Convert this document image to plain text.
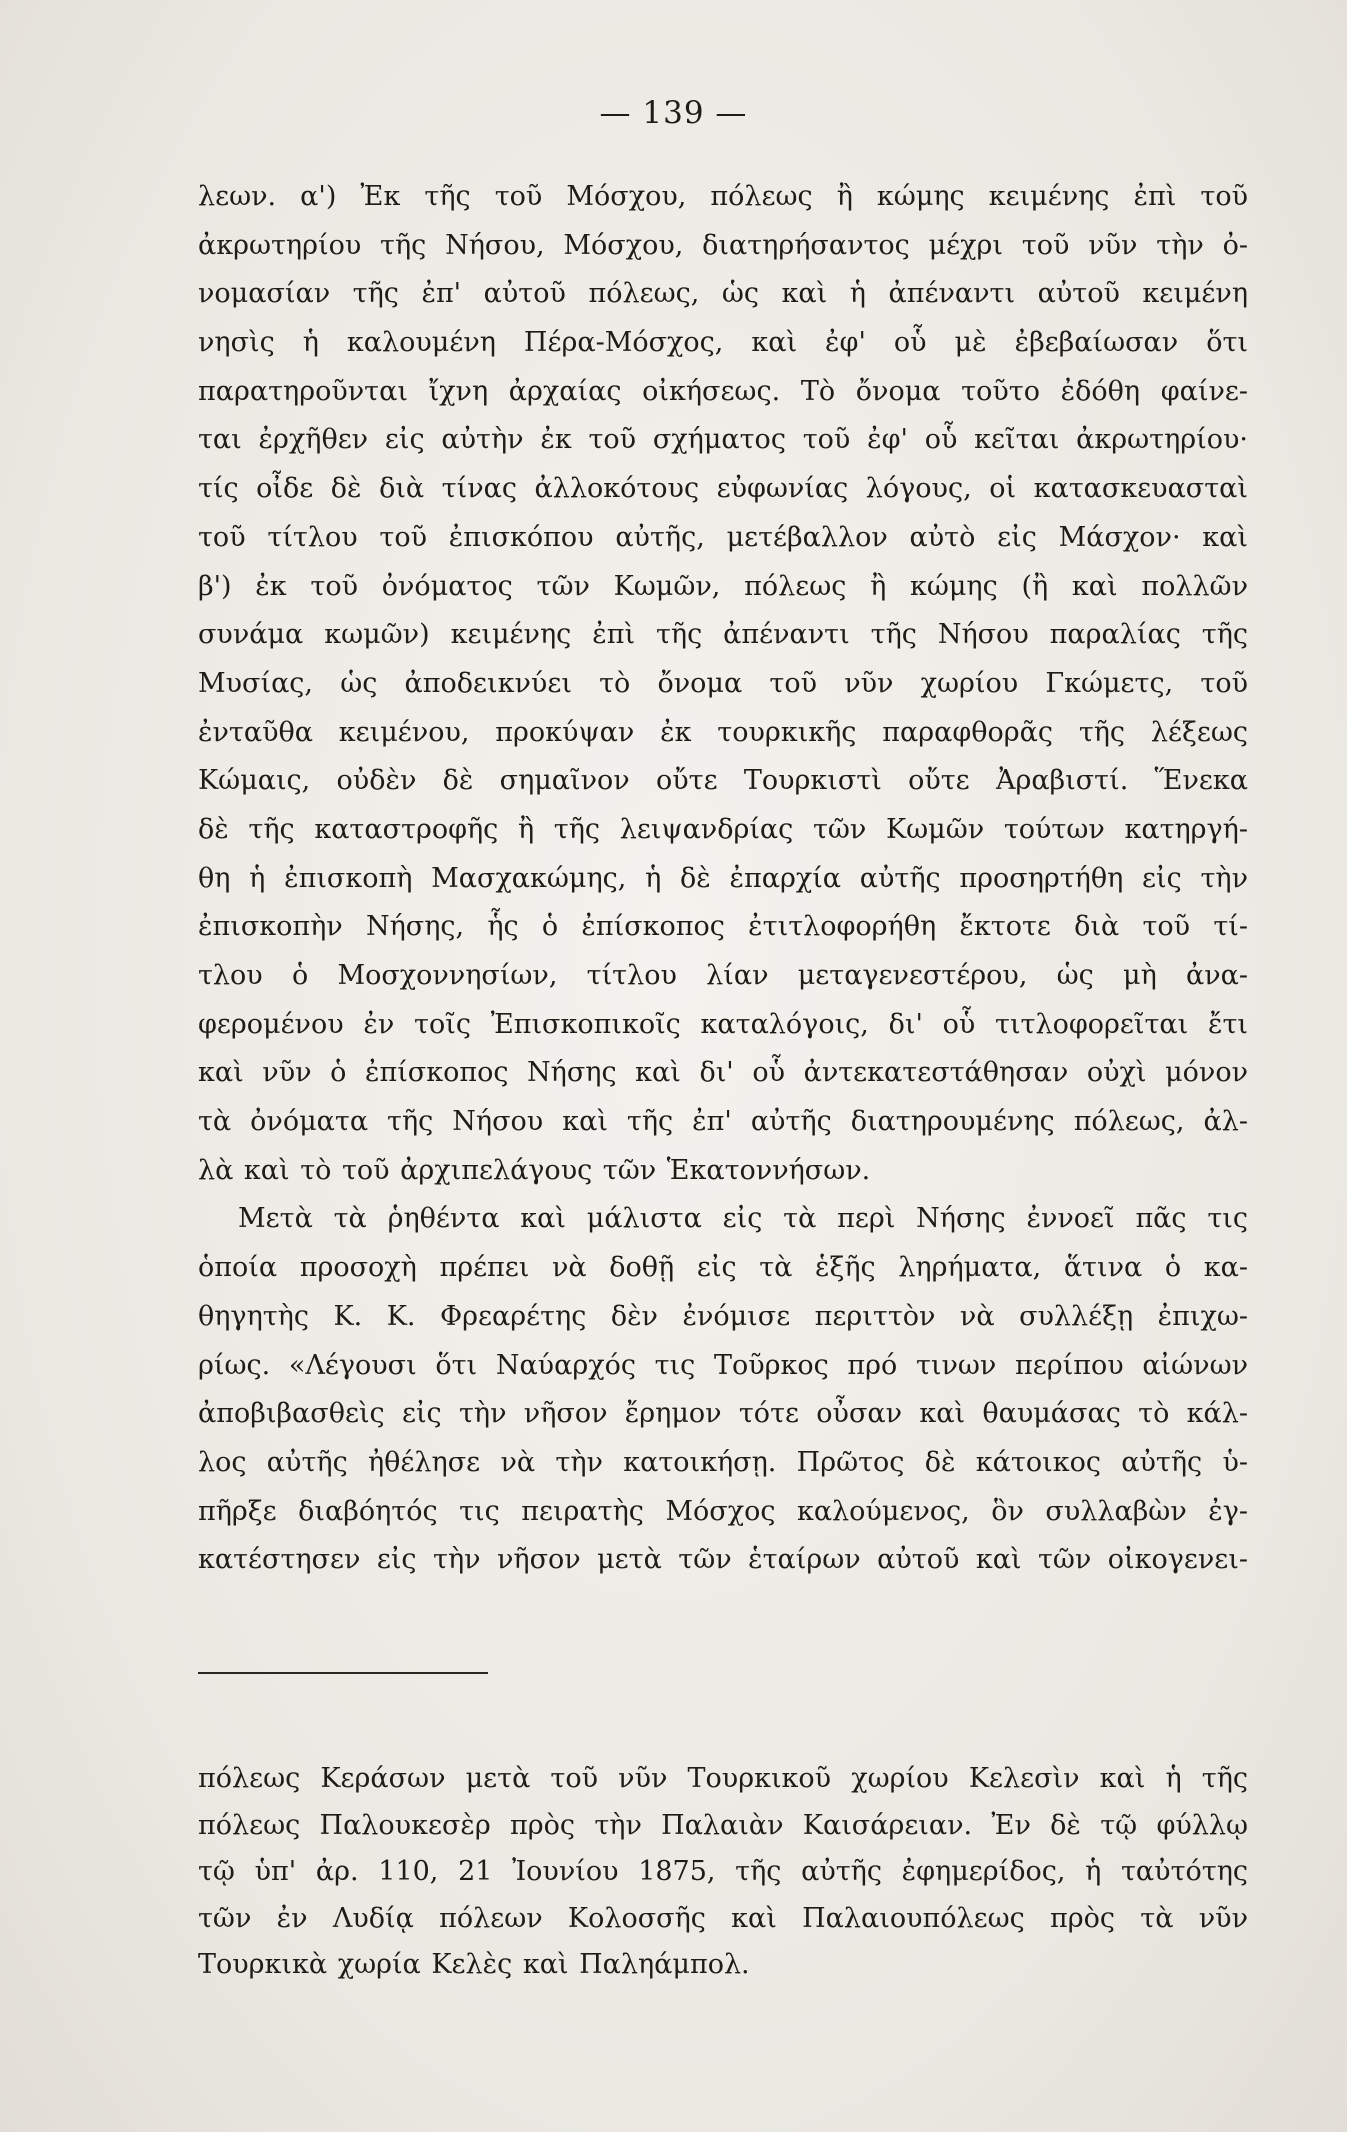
— 139 —
λεων. α') Ἐκ τῆς τοῦ Μόσχου, πόλεως ἢ κώμης κειμένης ἐπὶ τοῦ
ἀκρωτηρίου τῆς Νήσου, Μόσχου, διατηρήσαντος μέχρι τοῦ νῦν τὴν ὀ-
νομασίαν τῆς ἐπ' αὐτοῦ πόλεως, ὡς καὶ ἡ ἀπέναντι αὐτοῦ κειμένη
νησὶς ἡ καλουμένη Πέρα-Μόσχος, καὶ ἐφ' οὗ μὲ ἐβεβαίωσαν ὅτι
παρατηροῦνται ἴχνη ἀρχαίας οἰκήσεως. Τὸ ὄνομα τοῦτο ἐδόθη φαίνε-
ται ἐρχῆθεν εἰς αὐτὴν ἐκ τοῦ σχήματος τοῦ ἐφ' οὗ κεῖται ἀκρωτηρίου·
τίς οἶδε δὲ διὰ τίνας ἀλλοκότους εὐφωνίας λόγους, οἱ κατασκευασταὶ
τοῦ τίτλου τοῦ ἐπισκόπου αὐτῆς, μετέβαλλον αὐτὸ εἰς Μάσχον· καὶ
β') ἐκ τοῦ ὀνόματος τῶν Κωμῶν, πόλεως ἢ κώμης (ἢ καὶ πολλῶν
συνάμα κωμῶν) κειμένης ἐπὶ τῆς ἀπέναντι τῆς Νήσου παραλίας τῆς
Μυσίας, ὡς ἀποδεικνύει τὸ ὄνομα τοῦ νῦν χωρίου Γκώμετς, τοῦ
ἐνταῦθα κειμένου, προκύψαν ἐκ τουρκικῆς παραφθορᾶς τῆς λέξεως
Κώμαις, οὐδὲν δὲ σημαῖνον οὔτε Τουρκιστὶ οὔτε Ἀραβιστί. Ἕνεκα
δὲ τῆς καταστροφῆς ἢ τῆς λειψανδρίας τῶν Κωμῶν τούτων κατηργή-
θη ἡ ἐπισκοπὴ Μασχακώμης, ἡ δὲ ἐπαρχία αὐτῆς προσηρτήθη εἰς τὴν
ἐπισκοπὴν Νήσης, ἧς ὁ ἐπίσκοπος ἐτιτλοφορήθη ἔκτοτε διὰ τοῦ τί-
τλου ὁ Μοσχοννησίων, τίτλου λίαν μεταγενεστέρου, ὡς μὴ ἀνα-
φερομένου ἐν τοῖς Ἐπισκοπικοῖς καταλόγοις, δι' οὗ τιτλοφορεῖται ἔτι
καὶ νῦν ὁ ἐπίσκοπος Νήσης καὶ δι' οὗ ἀντεκατεστάθησαν οὐχὶ μόνον
τὰ ὀνόματα τῆς Νήσου καὶ τῆς ἐπ' αὐτῆς διατηρουμένης πόλεως, ἀλ-
λὰ καὶ τὸ τοῦ ἀρχιπελάγους τῶν Ἑκατοννήσων.
Μετὰ τὰ ῥηθέντα καὶ μάλιστα εἰς τὰ περὶ Νήσης ἐννοεῖ πᾶς τις
ὁποία προσοχὴ πρέπει νὰ δοθῇ εἰς τὰ ἑξῆς ληρήματα, ἅτινα ὁ κα-
θηγητὴς Κ. Κ. Φρεαρέτης δὲν ἐνόμισε περιττὸν νὰ συλλέξῃ ἐπιχω-
ρίως. «Λέγουσι ὅτι Ναύαρχός τις Τοῦρκος πρό τινων περίπου αἰώνων
ἀποβιβασθεὶς εἰς τὴν νῆσον ἔρημον τότε οὖσαν καὶ θαυμάσας τὸ κάλ-
λος αὐτῆς ἠθέλησε νὰ τὴν κατοικήσῃ. Πρῶτος δὲ κάτοικος αὐτῆς ὑ-
πῆρξε διαβόητός τις πειρατὴς Μόσχος καλούμενος, ὃν συλλαβὼν ἐγ-
κατέστησεν εἰς τὴν νῆσον μετὰ τῶν ἑταίρων αὐτοῦ καὶ τῶν οἰκογενει-
πόλεως Κεράσων μετὰ τοῦ νῦν Τουρκικοῦ χωρίου Κελεσὶν καὶ ἡ τῆς
πόλεως Παλουκεσὲρ πρὸς τὴν Παλαιὰν Καισάρειαν. Ἐν δὲ τῷ φύλλῳ
τῷ ὑπ' ἀρ. 110, 21 Ἰουνίου 1875, τῆς αὐτῆς ἐφημερίδος, ἡ ταὐτότης
τῶν ἐν Λυδίᾳ πόλεων Κολοσσῆς καὶ Παλαιουπόλεως πρὸς τὰ νῦν
Τουρκικὰ χωρία Κελὲς καὶ Παληάμπολ.
